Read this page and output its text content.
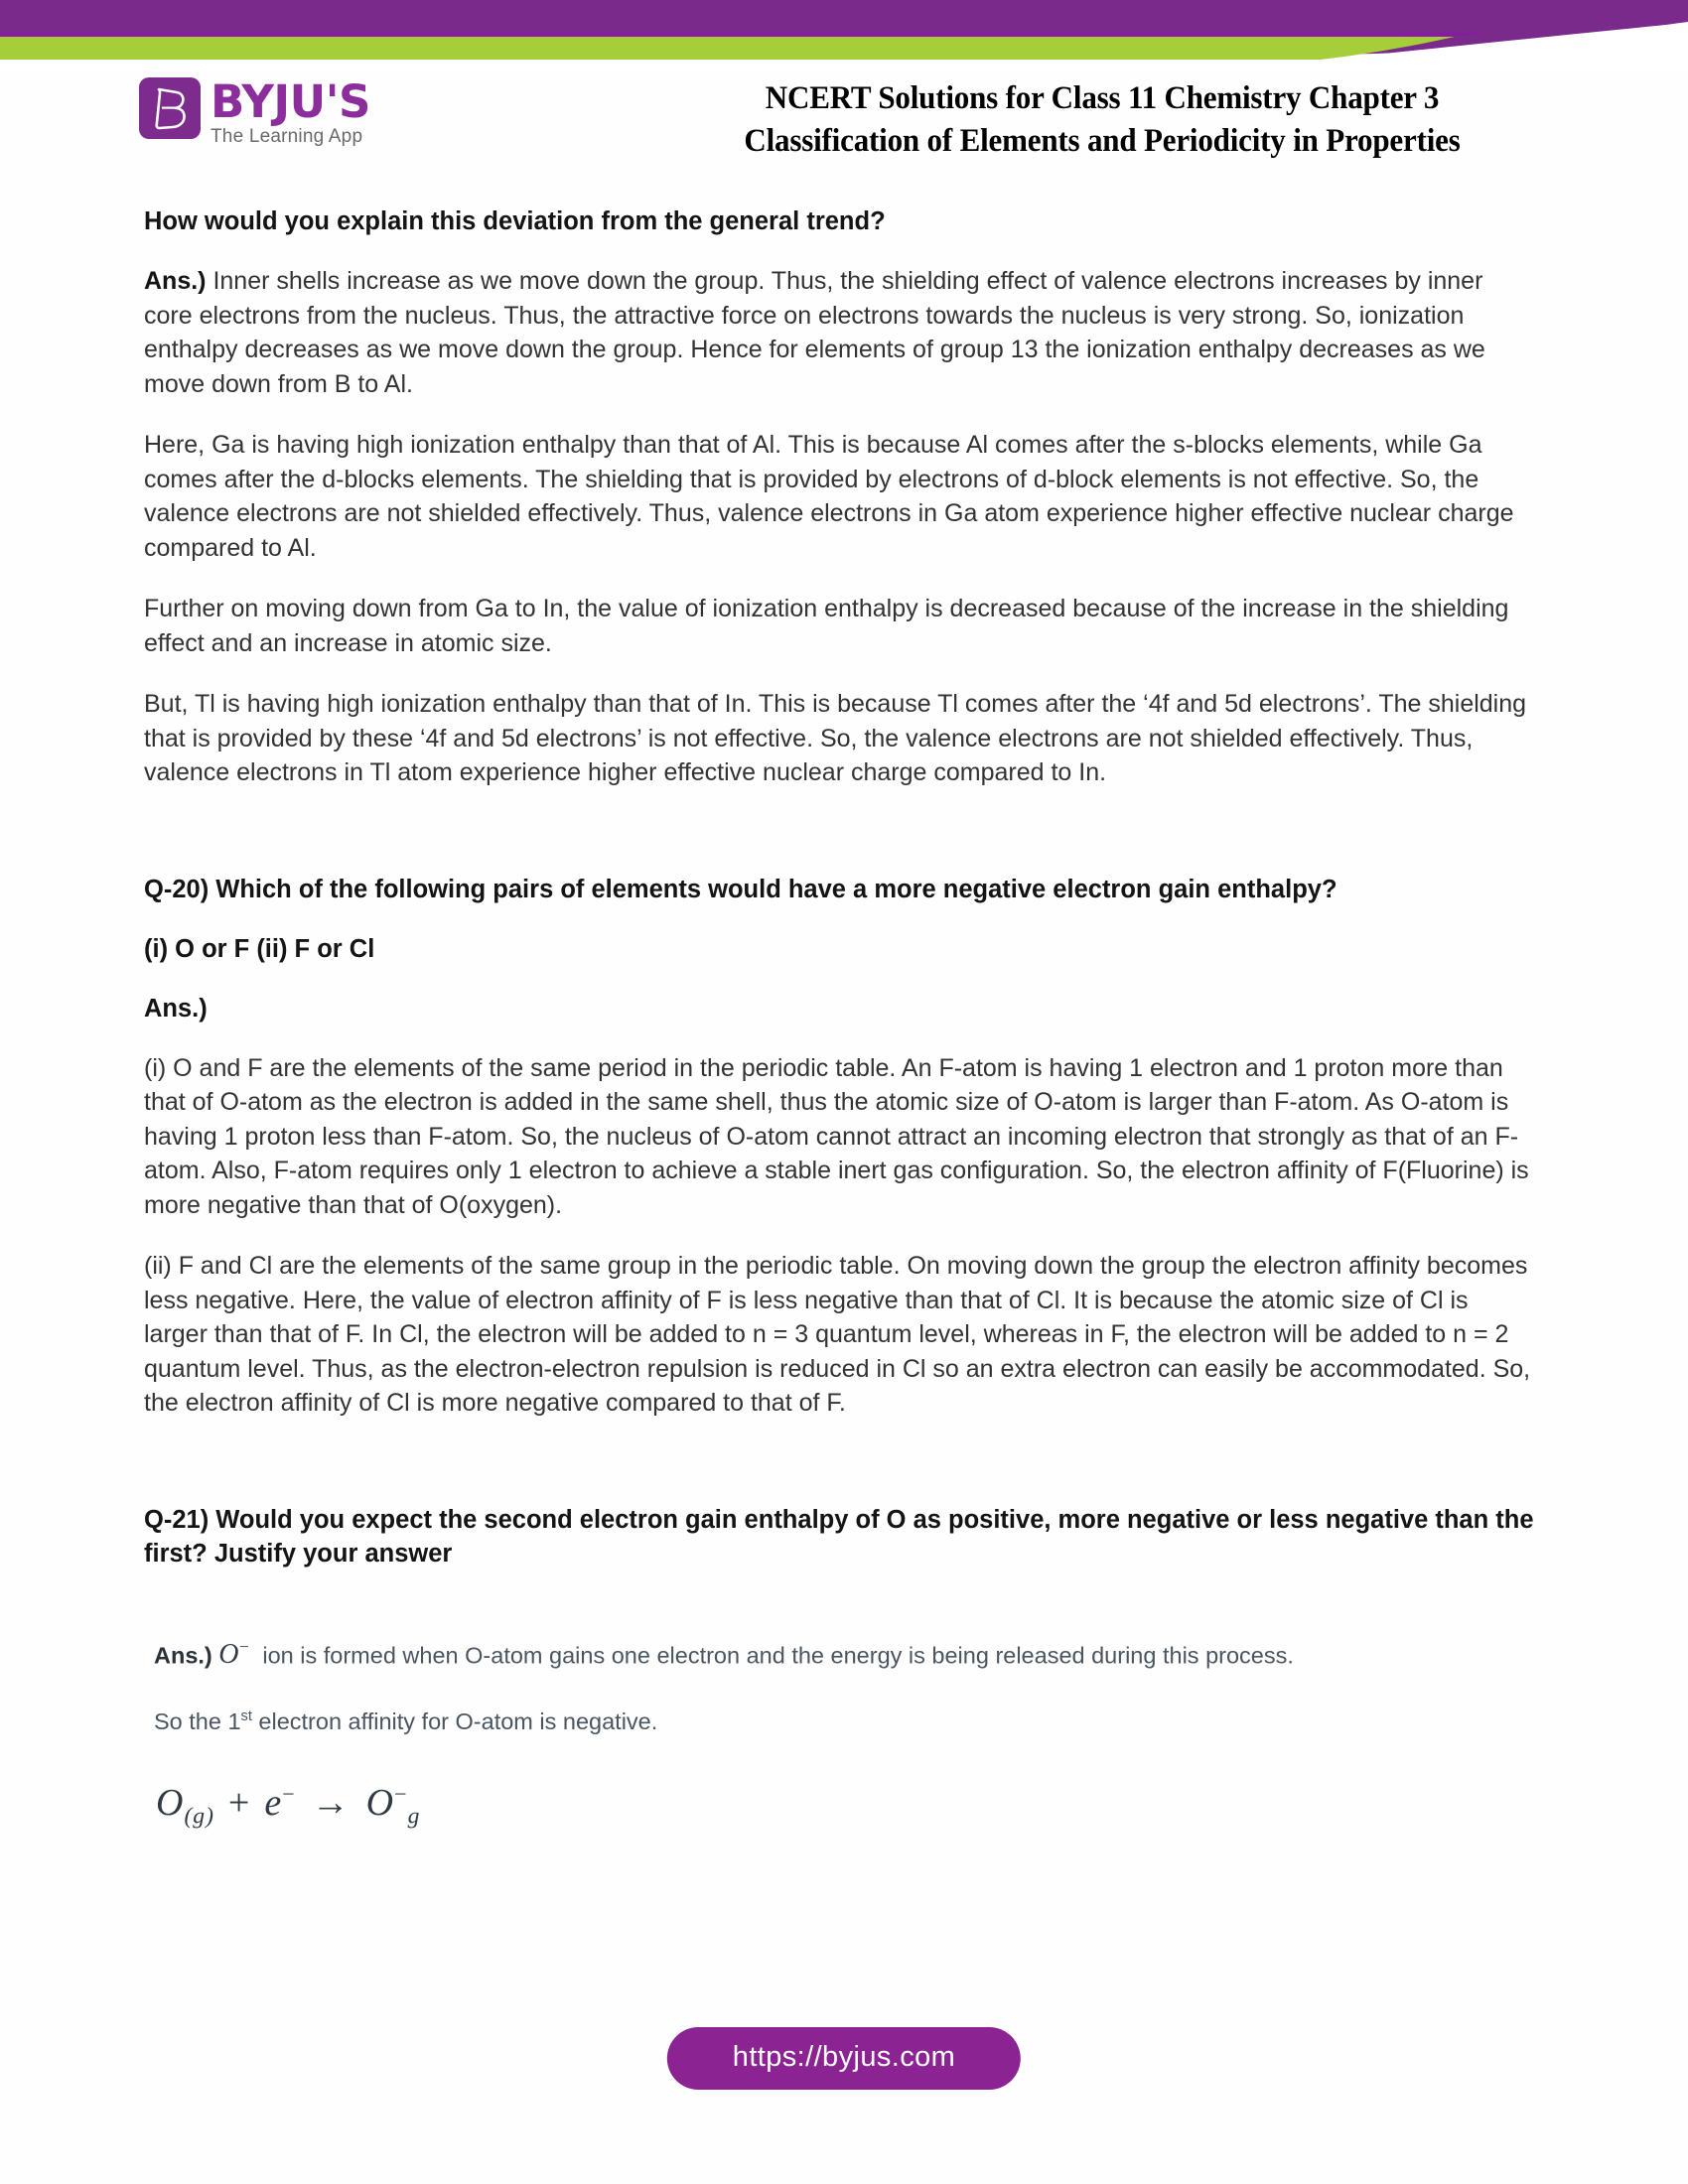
BYJU'S
The Learning App
NCERT Solutions for Class 11 Chemistry Chapter 3
Classification of Elements and Periodicity in Properties

How would you explain this deviation from the general trend?

Ans.) Inner shells increase as we move down the group. Thus, the shielding effect of valence electrons increases by inner core electrons from the nucleus. Thus, the attractive force on electrons towards the nucleus is very strong. So, ionization enthalpy decreases as we move down the group. Hence for elements of group 13 the ionization enthalpy decreases as we move down from B to Al.

Here, Ga is having high ionization enthalpy than that of Al. This is because Al comes after the s-blocks elements, while Ga comes after the d-blocks elements. The shielding that is provided by electrons of d-block elements is not effective. So, the valence electrons are not shielded effectively. Thus, valence electrons in Ga atom experience higher effective nuclear charge compared to Al.

Further on moving down from Ga to In, the value of ionization enthalpy is decreased because of the increase in the shielding effect and an increase in atomic size.

But, Tl is having high ionization enthalpy than that of In. This is because Tl comes after the ‘4f and 5d electrons’. The shielding that is provided by these ‘4f and 5d electrons’ is not effective. So, the valence electrons are not shielded effectively. Thus, valence electrons in Tl atom experience higher effective nuclear charge compared to In.

Q-20) Which of the following pairs of elements would have a more negative electron gain enthalpy?

(i) O or F (ii) F or Cl

Ans.)

(i) O and F are the elements of the same period in the periodic table. An F-atom is having 1 electron and 1 proton more than that of O-atom as the electron is added in the same shell, thus the atomic size of O-atom is larger than F-atom. As O-atom is having 1 proton less than F-atom. So, the nucleus of O-atom cannot attract an incoming electron that strongly as that of an F-atom. Also, F-atom requires only 1 electron to achieve a stable inert gas configuration. So, the electron affinity of F(Fluorine) is more negative than that of O(oxygen).

(ii) F and Cl are the elements of the same group in the periodic table. On moving down the group the electron affinity becomes less negative. Here, the value of electron affinity of F is less negative than that of Cl. It is because the atomic size of Cl is larger than that of F. In Cl, the electron will be added to n = 3 quantum level, whereas in F, the electron will be added to n = 2 quantum level. Thus, as the electron-electron repulsion is reduced in Cl so an extra electron can easily be accommodated. So, the electron affinity of Cl is more negative compared to that of F.

Q-21) Would you expect the second electron gain enthalpy of O as positive, more negative or less negative than the first? Justify your answer

Ans.) O−  ion is formed when O-atom gains one electron and the energy is being released during this process.

So the 1st electron affinity for O-atom is negative.

$O_{(g)} + e^- \to O^-_g$
https://byjus.com
